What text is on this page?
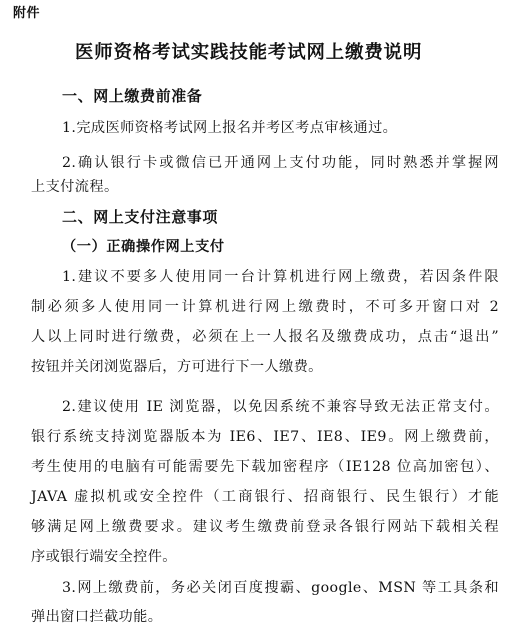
附件
医师资格考试实践技能考试网上缴费说明
一、网上缴费前准备
1.完成医师资格考试网上报名并考区考点审核通过。
2.确认银行卡或微信已开通网上支付功能，同时熟悉并掌握网
上支付流程。
二、网上支付注意事项
（一）正确操作网上支付
1.建议不要多人使用同一台计算机进行网上缴费，若因条件限
制必须多人使用同一计算机进行网上缴费时，不可多开窗口对 2
人以上同时进行缴费，必须在上一人报名及缴费成功，点击“退出”
按钮并关闭浏览器后，方可进行下一人缴费。
2.建议使用 IE 浏览器，以免因系统不兼容导致无法正常支付。
银行系统支持浏览器版本为 IE6、IE7、IE8、IE9。网上缴费前，
考生使用的电脑有可能需要先下载加密程序（IE128 位高加密包）、
JAVA 虚拟机或安全控件（工商银行、招商银行、民生银行）才能
够满足网上缴费要求。建议考生缴费前登录各银行网站下载相关程
序或银行端安全控件。
3.网上缴费前，务必关闭百度搜霸、google、MSN 等工具条和
弹出窗口拦截功能。
